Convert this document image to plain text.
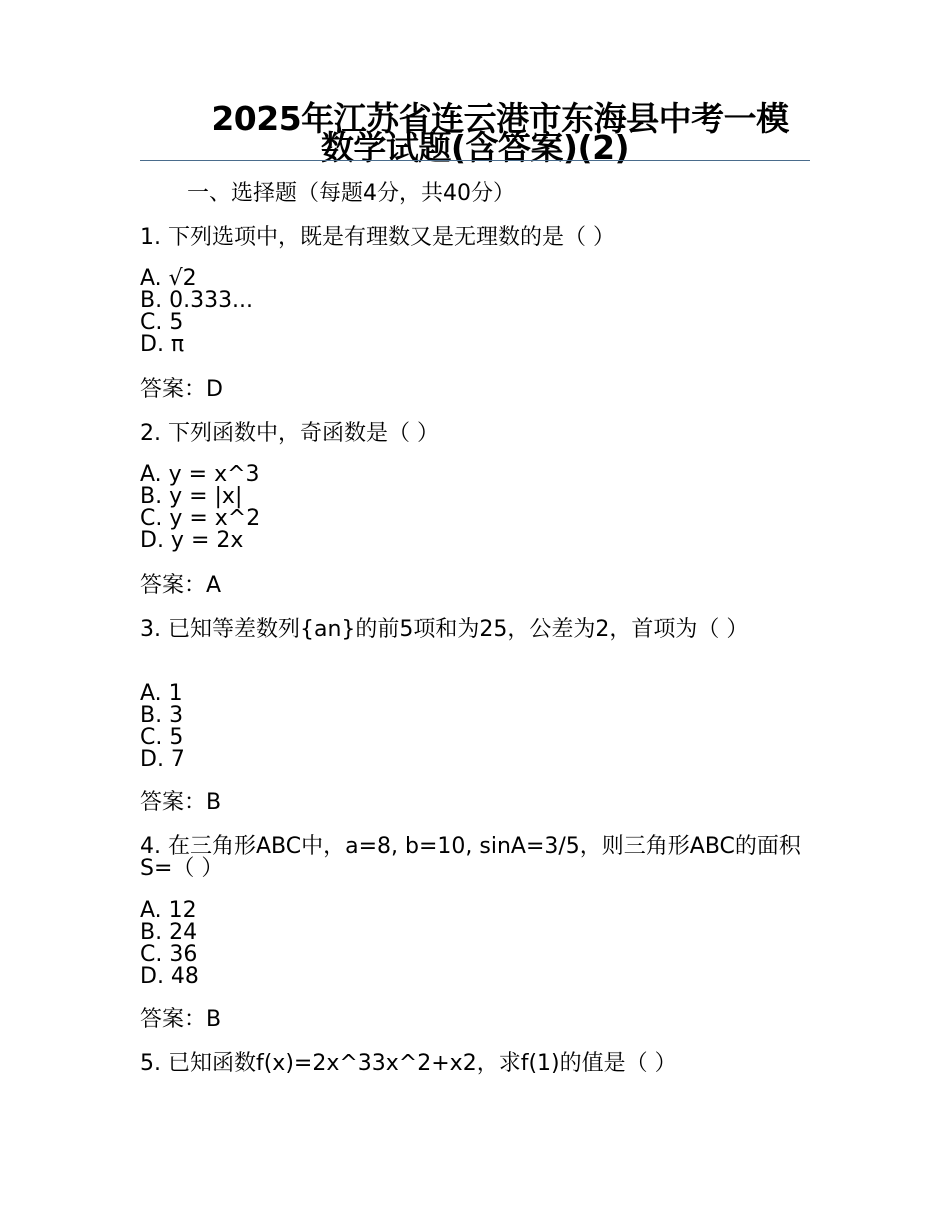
2025年江苏省连云港市东海县中考一模
数学试题(含答案)(2)
一、选择题（每题4分，共40分）
1. 下列选项中，既是有理数又是无理数的是（ ）
A. √2
B. 0.333...
C. 5
D. π
答案：D
2. 下列函数中，奇函数是（ ）
A. y = x^3
B. y = |x|
C. y = x^2
D. y = 2x
答案：A
3. 已知等差数列{an}的前5项和为25，公差为2，首项为（ ）
A. 1
B. 3
C. 5
D. 7
答案：B
4. 在三角形ABC中，a=8, b=10, sinA=3/5，则三角形ABC的面积S=（ ）
A. 12
B. 24
C. 36
D. 48
答案：B
5. 已知函数f(x)=2x^33x^2+x2，求f(1)的值是（ ）
